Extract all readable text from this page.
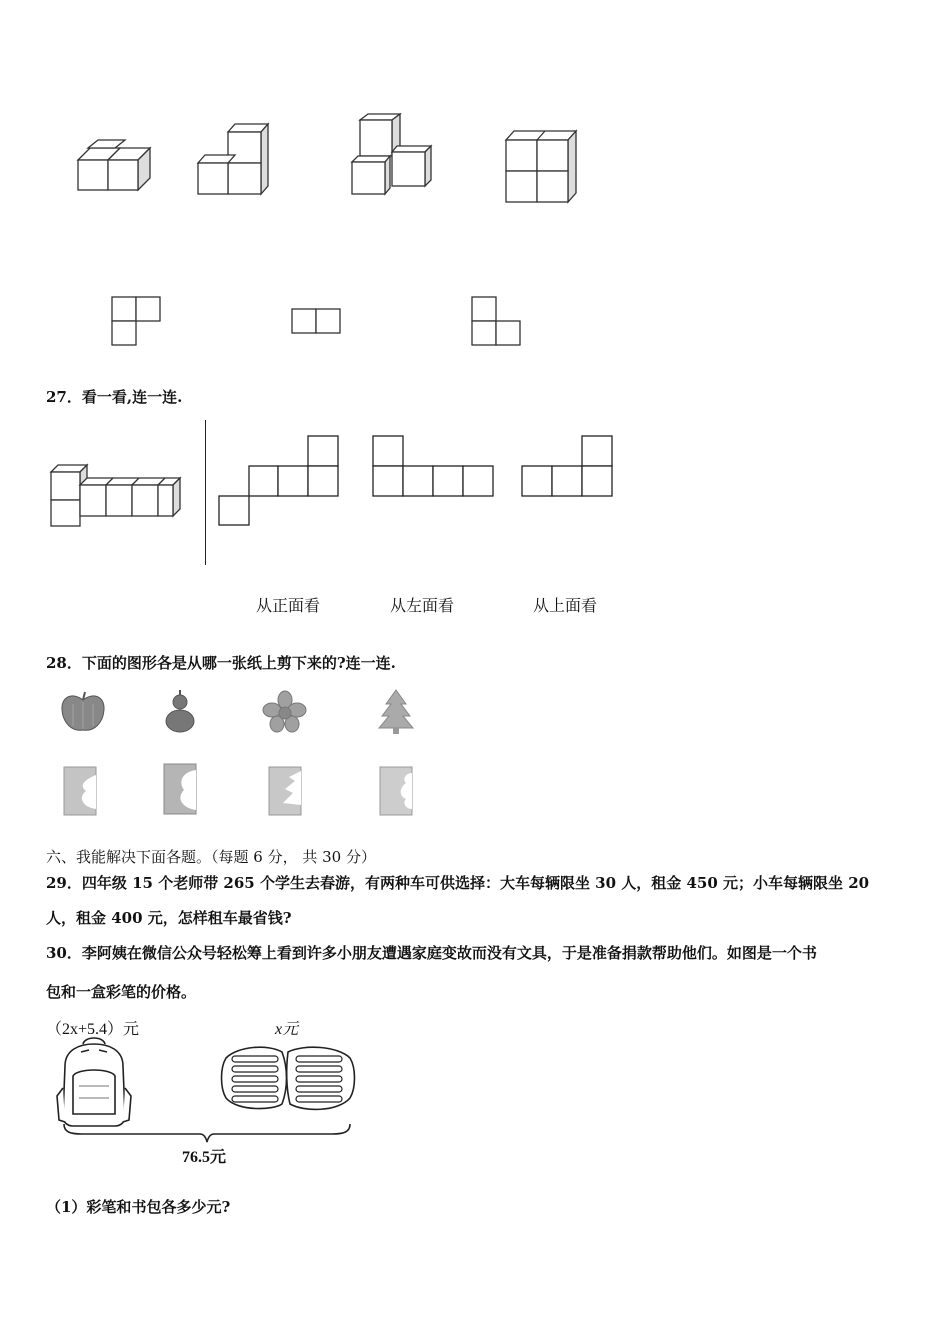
27．看一看,连一连.
从正面看	从左面看	从上面看
28．下面的图形各是从哪一张纸上剪下来的?连一连.
六、我能解决下面各题。（每题 6 分， 共 30 分）
29．四年级 15 个老师带 265 个学生去春游，有两种车可供选择：大车每辆限坐 30 人，租金 450 元；小车每辆限坐 20
人，租金 400 元，怎样租车最省钱?
30．李阿姨在微信公众号轻松筹上看到许多小朋友遭遇家庭变故而没有文具，于是准备捐款帮助他们。如图是一个书
包和一盒彩笔的价格。
（2x+5.4）元	x元
76.5元
（1）彩笔和书包各多少元?
